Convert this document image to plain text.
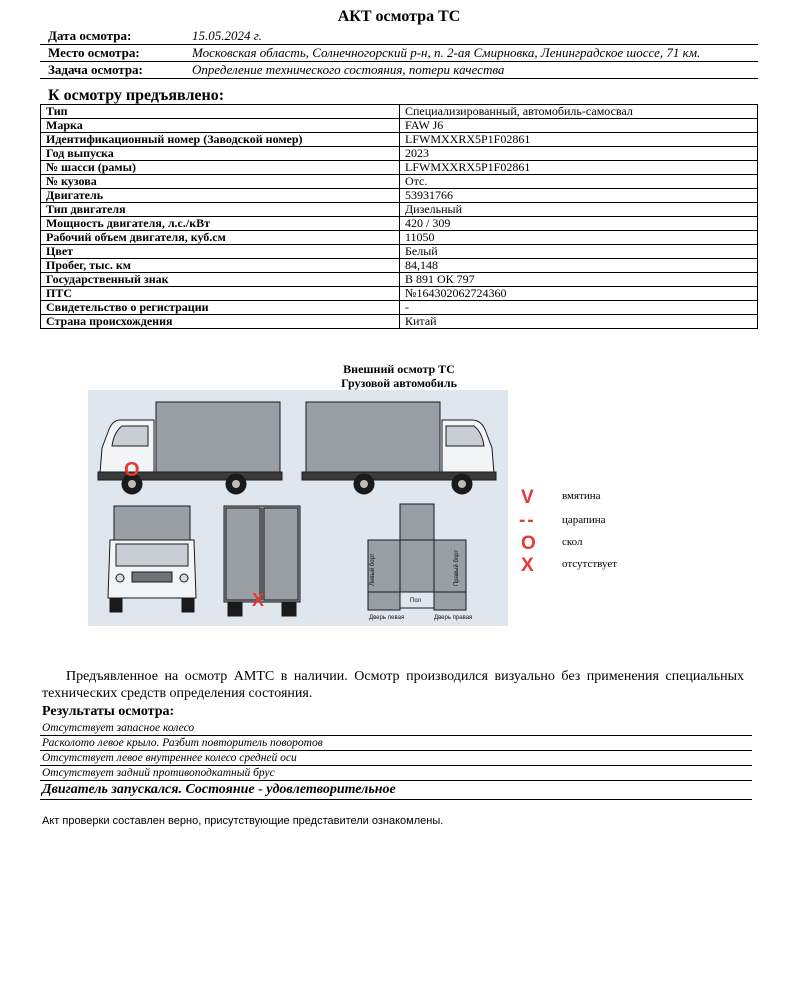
АКТ осмотра ТС
Дата осмотра:	15.05.2024 г.
Место осмотра:	Московская область, Солнечногорский р-н, п. 2-ая Смирновка, Ленинградское шоссе, 71 км.
Задача осмотра:	Определение технического состояния, потери качества
К осмотру предъявлено:
Тип	Специализированный, автомобиль-самосвал
Марка	FAW J6
Идентификационный номер (Заводской номер)	LFWMXXRX5P1F02861
Год выпуска	2023
№ шасси (рамы)	LFWMXXRX5P1F02861
№ кузова	Отс.
Двигатель	53931766
Тип двигателя	Дизельный
Мощность двигателя, л.с./кВт	420 / 309
Рабочий объем двигателя, куб.см	11050
Цвет	Белый
Пробег, тыс. км	84,148
Государственный знак	В 891 ОК 797
ПТС	№164302062724360
Свидетельство о регистрации	-
Страна происхождения	Китай
Внешний осмотр ТС
Грузовой автомобиль
O
X
Левый борт	Правый борт
Пол
Дверь левая	Дверь правая
V	вмятина
-- царапина
O скол
X	отсутствует
Предъявленное на осмотр АМТС в наличии. Осмотр производился визуально без применения специальных технических средств определения состояния.
Результаты осмотра:
Отсутствует запасное колесо
Расколото левое крыло. Разбит повторитель поворотов
Отсутствует левое внутреннее колесо средней оси
Отсутствует задний противоподкатный брус
Двигатель запускался. Состояние - удовлетворительное
Акт проверки составлен верно, присутствующие представители ознакомлены.
